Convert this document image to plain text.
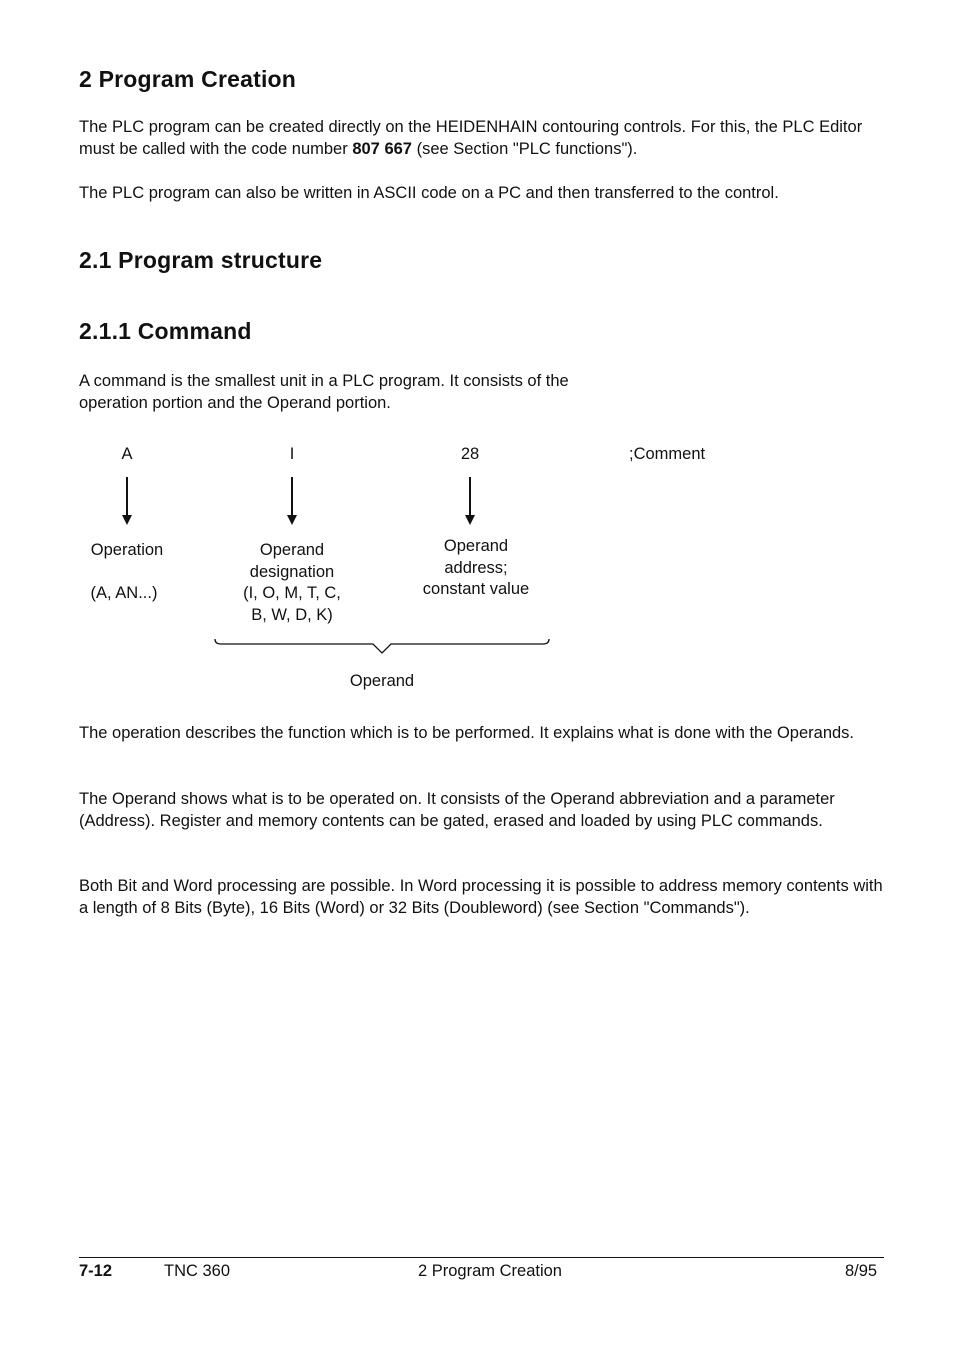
2 Program Creation
The PLC program can be created directly on the HEIDENHAIN contouring controls. For this, the PLC Editor must be called with the code number 807 667 (see Section "PLC functions").
The PLC program can also be written in ASCII code on a PC and then transferred to the control.
2.1 Program structure
2.1.1 Command
A command is the smallest unit in a PLC program. It consists of the operation portion and the Operand portion.
A	I	28	;Comment
Operation
(A, AN...)
Operand
designation
(I, O, M, T, C,
B, W, D, K)
Operand
address;
constant value
Operand
The operation describes the function which is to be performed. It explains what is done with the Operands.
The Operand shows what is to be operated on. It consists of the Operand abbreviation and a parameter (Address). Register and memory contents can be gated, erased and loaded by using PLC commands.
Both Bit and Word processing are possible. In Word processing it is possible to address memory contents with a length of 8 Bits (Byte), 16 Bits (Word) or 32 Bits (Doubleword) (see Section "Commands").
7-12	TNC 360	2 Program Creation	8/95
